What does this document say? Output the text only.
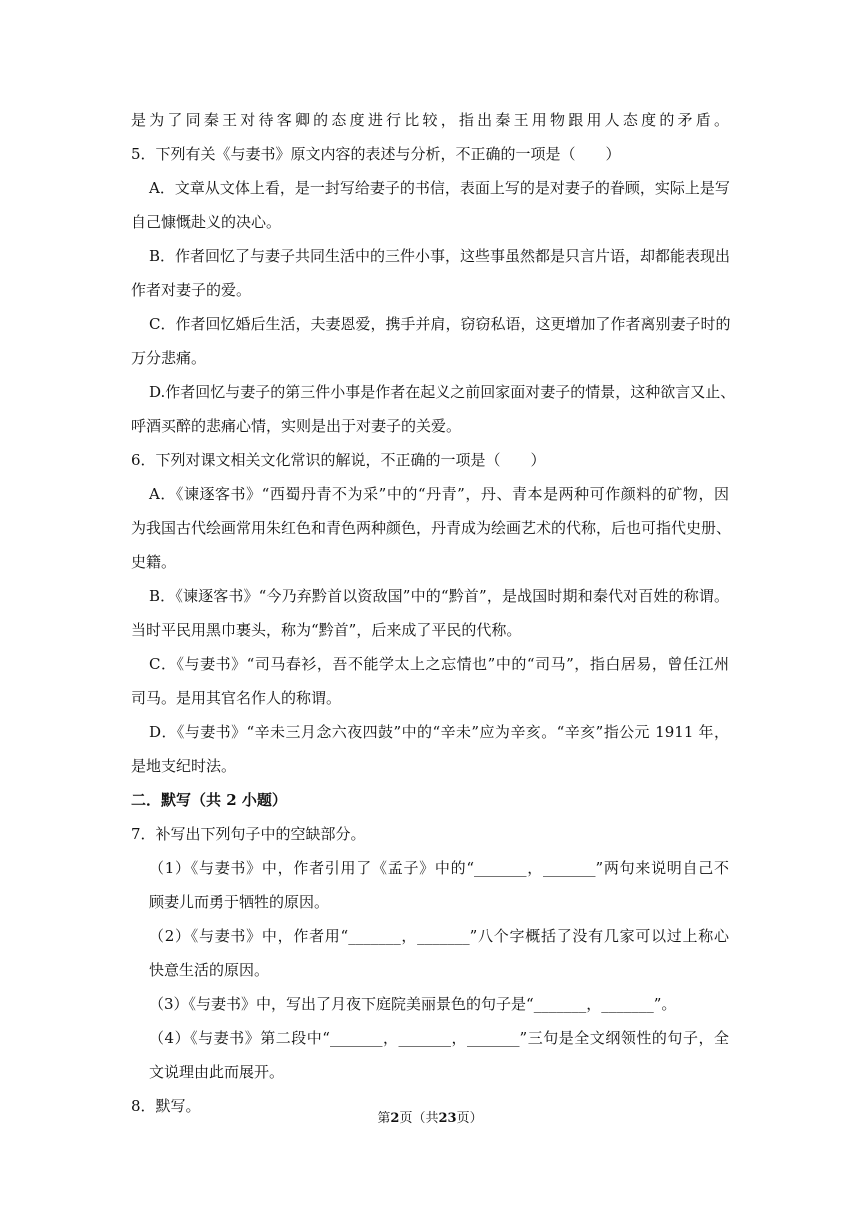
是为了同秦王对待客卿的态度进行比较，指出秦王用物跟用人态度的矛盾。
5．下列有关《与妻书》原文内容的表述与分析，不正确的一项是（　　）
A．文章从文体上看，是一封写给妻子的书信，表面上写的是对妻子的眷顾，实际上是写
自己慷慨赴义的决心。
B．作者回忆了与妻子共同生活中的三件小事，这些事虽然都是只言片语，却都能表现出
作者对妻子的爱。
C．作者回忆婚后生活，夫妻恩爱，携手并肩，窃窃私语，这更增加了作者离别妻子时的
万分悲痛。
D.作者回忆与妻子的第三件小事是作者在起义之前回家面对妻子的情景，这种欲言又止、
呼酒买醉的悲痛心情，实则是出于对妻子的关爱。
6．下列对课文相关文化常识的解说，不正确的一项是（　　）
A．《谏逐客书》“西蜀丹青不为采”中的“丹青”，丹、青本是两种可作颜料的矿物，因
为我国古代绘画常用朱红色和青色两种颜色，丹青成为绘画艺术的代称，后也可指代史册、
史籍。
B．《谏逐客书》“今乃弃黔首以资敌国”中的“黔首”，是战国时期和秦代对百姓的称谓。
当时平民用黑巾裹头，称为“黔首”，后来成了平民的代称。
C．《与妻书》“司马春衫，吾不能学太上之忘情也”中的“司马”，指白居易，曾任江州
司马。是用其官名作人的称谓。
D．《与妻书》“辛未三月念六夜四鼓”中的“辛未”应为辛亥。“辛亥”指公元 1911 年，
是地支纪时法。
二．默写（共 2 小题）
7．补写出下列句子中的空缺部分。
（1）《与妻书》中，作者引用了《孟子》中的“_______，_______”两句来说明自己不
顾妻儿而勇于牺牲的原因。
（2）《与妻书》中，作者用“_______，_______”八个字概括了没有几家可以过上称心
快意生活的原因。
（3）《与妻书》中，写出了月夜下庭院美丽景色的句子是“_______，_______”。
（4）《与妻书》第二段中“_______，_______，_______”三句是全文纲领性的句子，全
文说理由此而展开。
8．默写。
第2页（共23页）
